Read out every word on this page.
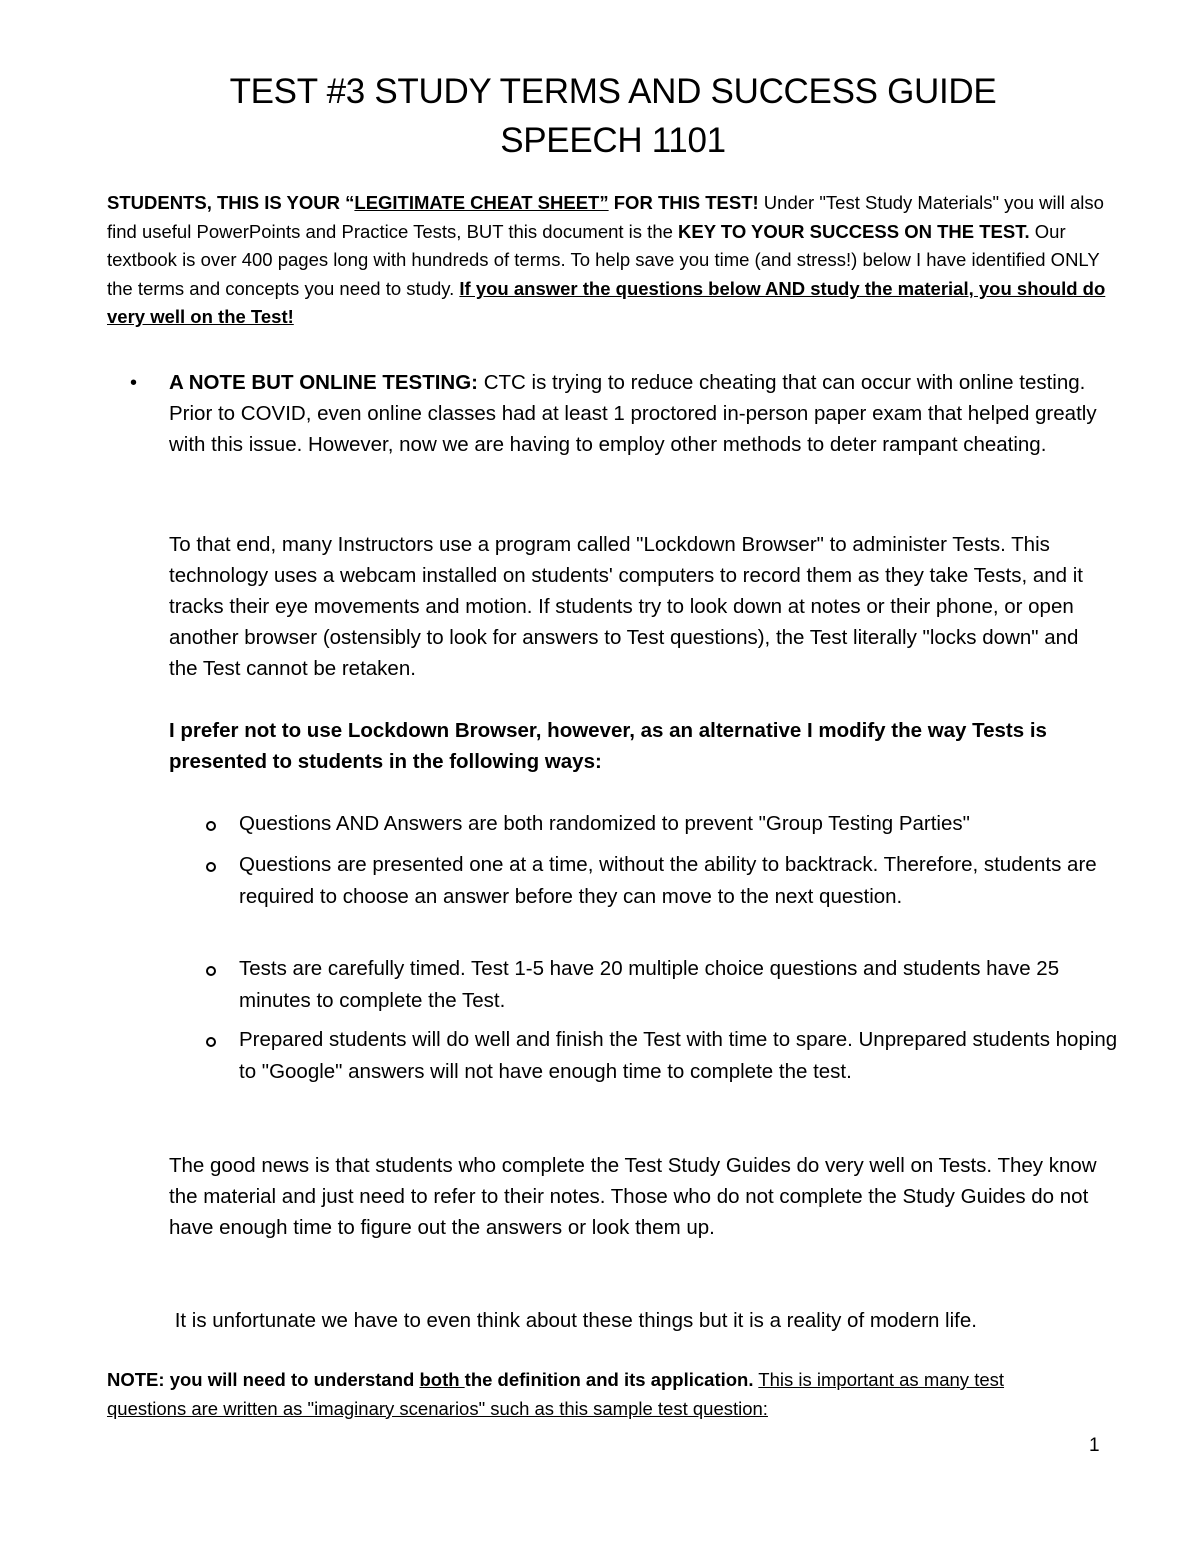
TEST #3 STUDY TERMS AND SUCCESS GUIDE
SPEECH 1101

STUDENTS, THIS IS YOUR “LEGITIMATE CHEAT SHEET” FOR THIS TEST! Under "Test Study Materials" you will also find useful PowerPoints and Practice Tests, BUT this document is the KEY TO YOUR SUCCESS ON THE TEST. Our textbook is over 400 pages long with hundreds of terms. To help save you time (and stress!) below I have identified ONLY the terms and concepts you need to study. If you answer the questions below AND study the material, you should do very well on the Test!

• A NOTE BUT ONLINE TESTING: CTC is trying to reduce cheating that can occur with online testing. Prior to COVID, even online classes had at least 1 proctored in-person paper exam that helped greatly with this issue. However, now we are having to employ other methods to deter rampant cheating.

To that end, many Instructors use a program called "Lockdown Browser" to administer Tests. This technology uses a webcam installed on students' computers to record them as they take Tests, and it tracks their eye movements and motion. If students try to look down at notes or their phone, or open another browser (ostensibly to look for answers to Test questions), the Test literally "locks down" and the Test cannot be retaken.

I prefer not to use Lockdown Browser, however, as an alternative I modify the way Tests is presented to students in the following ways:

Questions AND Answers are both randomized to prevent "Group Testing Parties"

Questions are presented one at a time, without the ability to backtrack. Therefore, students are required to choose an answer before they can move to the next question.

Tests are carefully timed. Test 1-5 have 20 multiple choice questions and students have 25 minutes to complete the Test.

Prepared students will do well and finish the Test with time to spare. Unprepared students hoping to "Google" answers will not have enough time to complete the test.

The good news is that students who complete the Test Study Guides do very well on Tests. They know the material and just need to refer to their notes. Those who do not complete the Study Guides do not have enough time to figure out the answers or look them up.

It is unfortunate we have to even think about these things but it is a reality of modern life.

NOTE: you will need to understand both the definition and its application. This is important as many test questions are written as "imaginary scenarios" such as this sample test question:

1
